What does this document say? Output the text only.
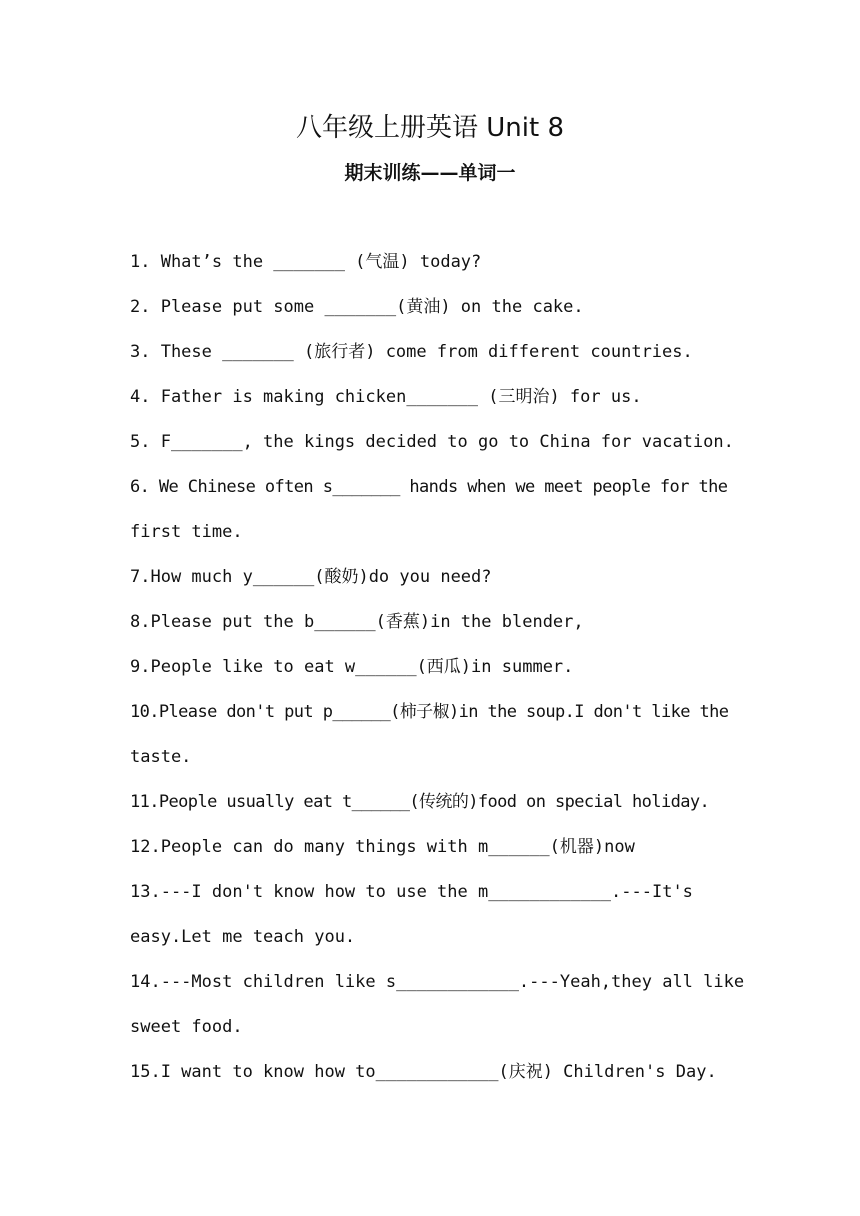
八年级上册英语 Unit 8
期末训练——单词一
1. What’s the _______ (气温) today?
2. Please put some _______(黄油) on the cake.
3. These _______ (旅行者) come from different countries.
4. Father is making chicken_______ (三明治) for us.
5. F_______, the kings decided to go to China for vacation.
6. We Chinese often s_______ hands when we meet people for the
first time.
7.How much y______(酸奶)do you need?
8.Please put the b______(香蕉)in the blender,
9.People like to eat w______(西瓜)in summer.
10.Please don't put p______(柿子椒)in the soup.I don't like the
taste.
11.People usually eat t______(传统的)food on special holiday.
12.People can do many things with m______(机器)now
13.---I don't know how to use the m____________.---It's
easy.Let me teach you.
14.---Most children like s____________.---Yeah,they all like
sweet food.
15.I want to know how to____________(庆祝) Children's Day.
